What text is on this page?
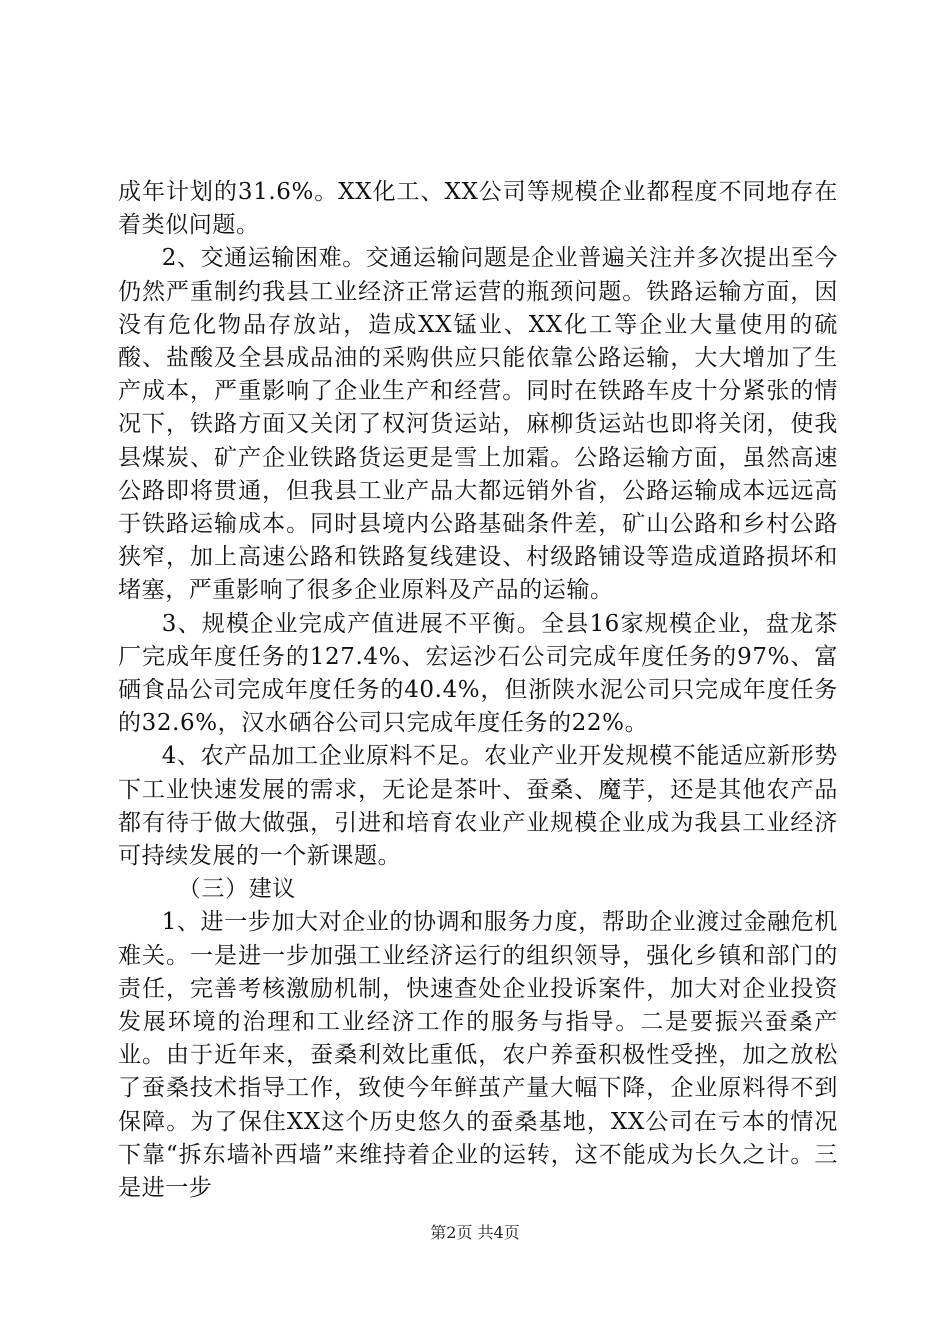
成年计划的31.6%。XX化工、XX公司等规模企业都程度不同地存在着类似问题。

2、交通运输困难。交通运输问题是企业普遍关注并多次提出至今仍然严重制约我县工业经济正常运营的瓶颈问题。铁路运输方面，因没有危化物品存放站，造成XX锰业、XX化工等企业大量使用的硫酸、盐酸及全县成品油的采购供应只能依靠公路运输，大大增加了生产成本，严重影响了企业生产和经营。同时在铁路车皮十分紧张的情况下，铁路方面又关闭了权河货运站，麻柳货运站也即将关闭，使我县煤炭、矿产企业铁路货运更是雪上加霜。公路运输方面，虽然高速公路即将贯通，但我县工业产品大都远销外省，公路运输成本远远高于铁路运输成本。同时县境内公路基础条件差，矿山公路和乡村公路狭窄，加上高速公路和铁路复线建设、村级路铺设等造成道路损坏和堵塞，严重影响了很多企业原料及产品的运输。

3、规模企业完成产值进展不平衡。全县16家规模企业，盘龙茶厂完成年度任务的127.4%、宏运沙石公司完成年度任务的97%、富硒食品公司完成年度任务的40.4%，但浙陕水泥公司只完成年度任务的32.6%，汉水硒谷公司只完成年度任务的22%。

4、农产品加工企业原料不足。农业产业开发规模不能适应新形势下工业快速发展的需求，无论是茶叶、蚕桑、魔芋，还是其他农产品都有待于做大做强，引进和培育农业产业规模企业成为我县工业经济可持续发展的一个新课题。

（三）建议

1、进一步加大对企业的协调和服务力度，帮助企业渡过金融危机难关。一是进一步加强工业经济运行的组织领导，强化乡镇和部门的责任，完善考核激励机制，快速查处企业投诉案件，加大对企业投资发展环境的治理和工业经济工作的服务与指导。二是要振兴蚕桑产业。由于近年来，蚕桑利效比重低，农户养蚕积极性受挫，加之放松了蚕桑技术指导工作，致使今年鲜茧产量大幅下降，企业原料得不到保障。为了保住XX这个历史悠久的蚕桑基地，XX公司在亏本的情况下靠“拆东墙补西墙”来维持着企业的运转，这不能成为长久之计。三是进一步

第2页 共4页
